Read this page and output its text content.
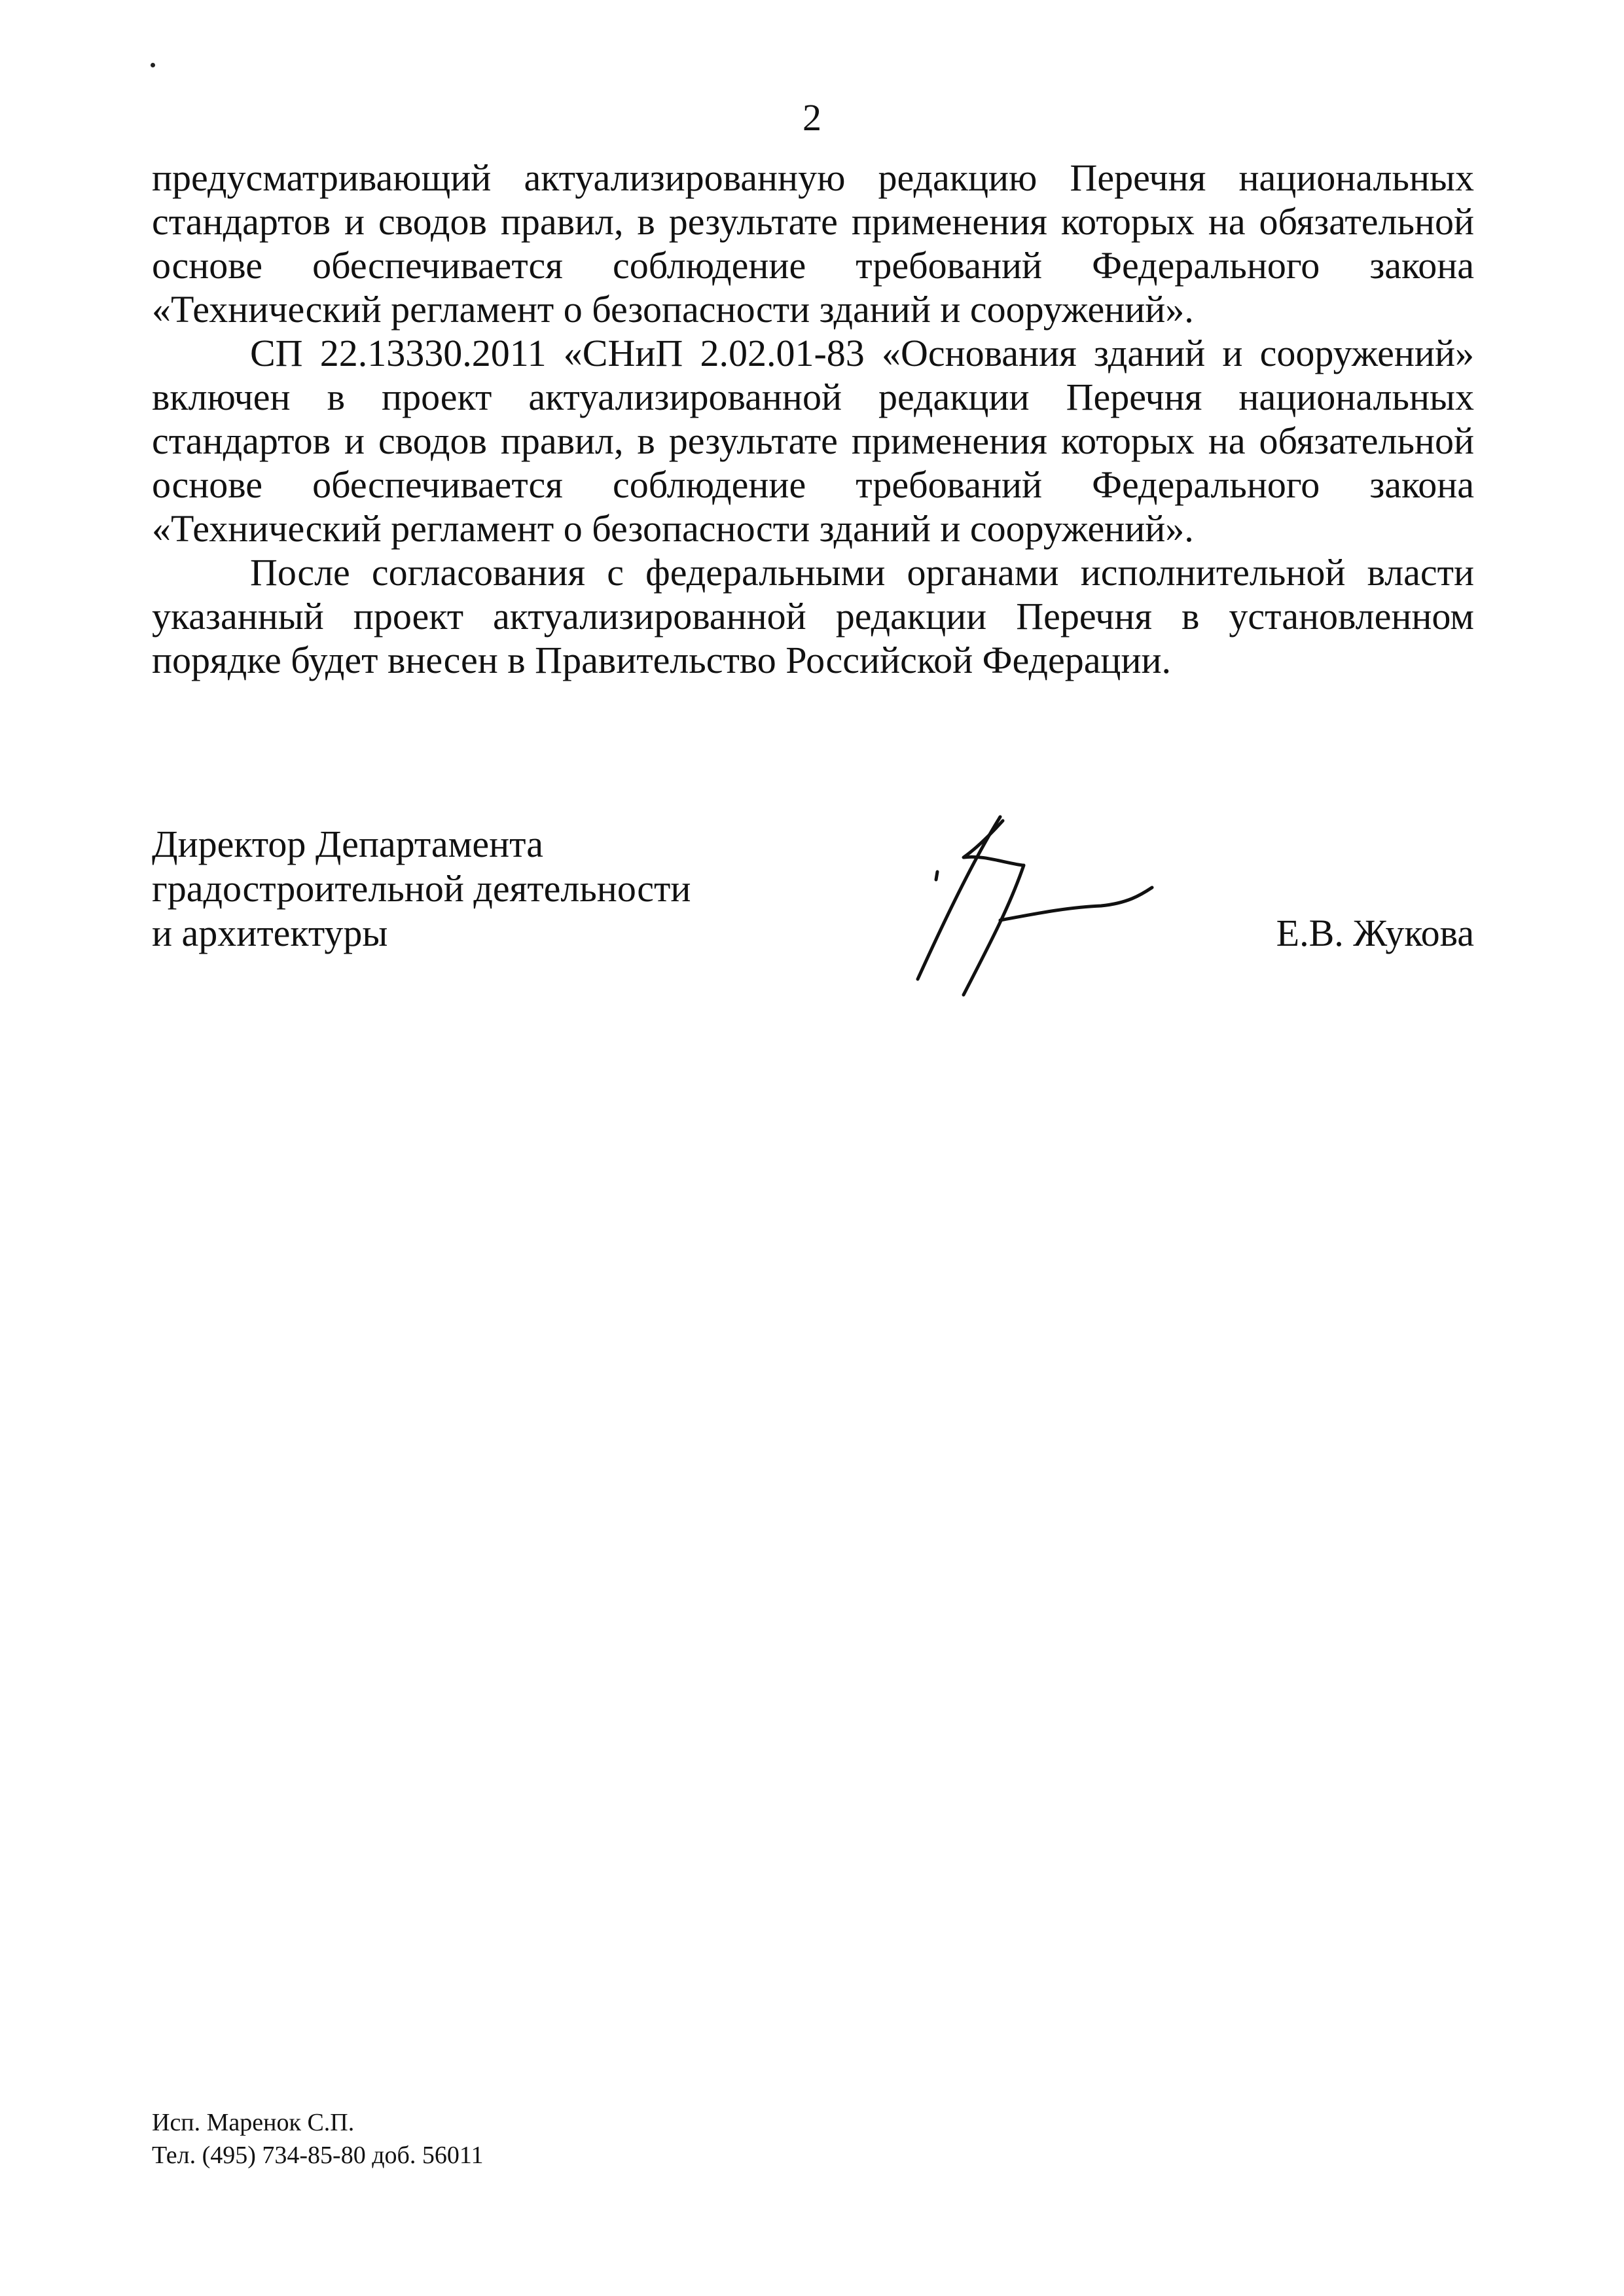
2

предусматривающий актуализированную редакцию Перечня национальных стандартов и сводов правил, в результате применения которых на обязательной основе обеспечивается соблюдение требований Федерального закона «Технический регламент о безопасности зданий и сооружений».

СП 22.13330.2011 «СНиП 2.02.01-83 «Основания зданий и сооружений» включен в проект актуализированной редакции Перечня национальных стандартов и сводов правил, в результате применения которых на обязательной основе обеспечивается соблюдение требований Федерального закона «Технический регламент о безопасности зданий и сооружений».

После согласования с федеральными органами исполнительной власти указанный проект актуализированной редакции Перечня в установленном порядке будет внесен в Правительство Российской Федерации.

Директор Департамента
градостроительной деятельности
и архитектуры	Е.В. Жукова
Исп. Маренок С.П.
Тел. (495) 734-85-80 доб. 56011
